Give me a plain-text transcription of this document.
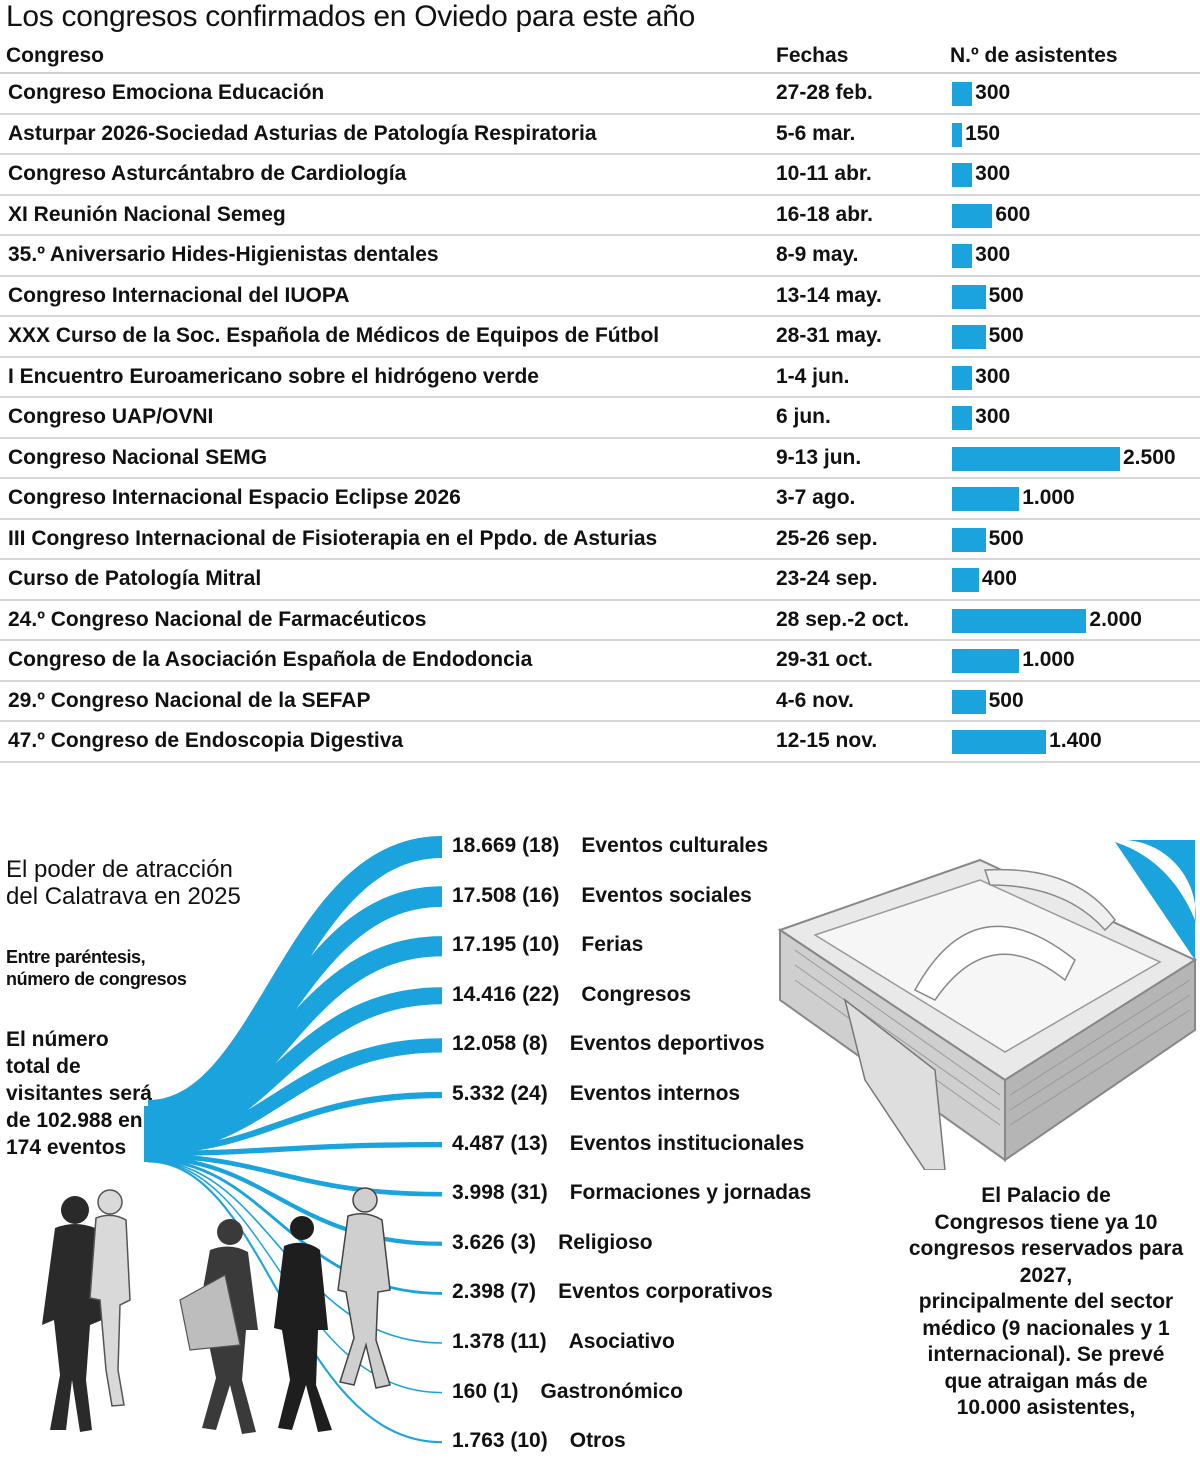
Los congresos confirmados en Oviedo para este año
Congreso	Fechas	N.º de asistentes
Congreso Emociona Educación	27-28 feb.	300
Asturpar 2026-Sociedad Asturias de Patología Respiratoria	5-6 mar.	150
Congreso Asturcántabro de Cardiología	10-11 abr.	300
XI Reunión Nacional Semeg	16-18 abr.	600
35.º Aniversario Hides-Higienistas dentales	8-9 may.	300
Congreso Internacional del IUOPA	13-14 may.	500
XXX Curso de la Soc. Española de Médicos de Equipos de Fútbol	28-31 may.	500
I Encuentro Euroamericano sobre el hidrógeno verde	1-4 jun.	300
Congreso UAP/OVNI	6 jun.	300
Congreso Nacional SEMG	9-13 jun.	2.500
Congreso Internacional Espacio Eclipse 2026	3-7 ago.	1.000
III Congreso Internacional de Fisioterapia en el Ppdo. de Asturias	25-26 sep.	500
Curso de Patología Mitral	23-24 sep.	400
24.º Congreso Nacional de Farmacéuticos	28 sep.-2 oct.	2.000
Congreso de la Asociación Española de Endodoncia	29-31 oct.	1.000
29.º Congreso Nacional de la SEFAP	4-6 nov.	500
47.º Congreso de Endoscopia Digestiva	12-15 nov.	1.400
El poder de atracción
del Calatrava en 2025
Entre paréntesis,
número de congresos
El número
total de
visitantes será
de 102.988 en
174 eventos
18.669 (18) Eventos culturales
17.508 (16) Eventos sociales
17.195 (10) Ferias
14.416 (22) Congresos
12.058 (8) Eventos deportivos
5.332 (24) Eventos internos
4.487 (13) Eventos institucionales
3.998 (31) Formaciones y jornadas
3.626 (3) Religioso
2.398 (7) Eventos corporativos
1.378 (11) Asociativo
160 (1) Gastronómico
1.763 (10) Otros
El Palacio de
Congresos tiene ya 10
congresos reservados para
2027,
principalmente del sector
médico (9 nacionales y 1
internacional). Se prevé
que atraigan más de
10.000 asistentes,
